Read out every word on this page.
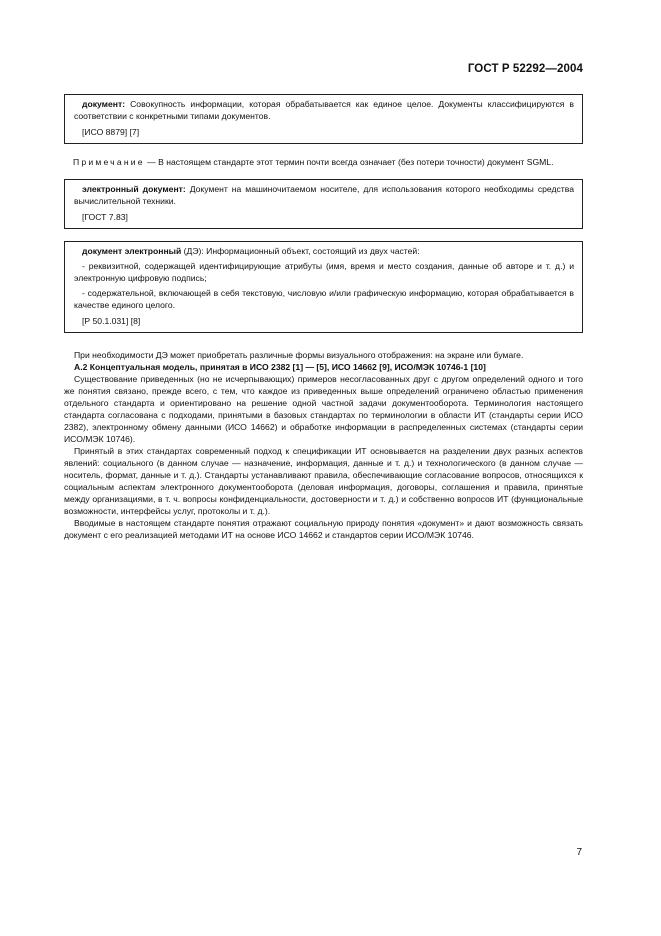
ГОСТ Р 52292—2004

документ: Совокупность информации, которая обрабатывается как единое целое. Документы классифицируются в соответствии с конкретными типами документов.

[ИСО 8879] [7]

Примечание — В настоящем стандарте этот термин почти всегда означает (без потери точности) документ SGML.

электронный документ: Документ на машиночитаемом носителе, для использования которого необходимы средства вычислительной техники.

[ГОСТ 7.83]

документ электронный (ДЭ): Информационный объект, состоящий из двух частей:

- реквизитной, содержащей идентифицирующие атрибуты (имя, время и место создания, данные об авторе и т. д.) и электронную цифровую подпись;

- содержательной, включающей в себя текстовую, числовую и/или графическую информацию, которая обрабатывается в качестве единого целого.

[Р 50.1.031] [8]

При необходимости ДЭ может приобретать различные формы визуального отображения: на экране или бумаге.

А.2 Концептуальная модель, принятая в ИСО 2382 [1] — [5], ИСО 14662 [9], ИСО/МЭК 10746-1 [10]

Существование приведенных (но не исчерпывающих) примеров несогласованных друг с другом определений одного и того же понятия связано, прежде всего, с тем, что каждое из приведенных выше определений ограничено областью применения отдельного стандарта и ориентировано на решение одной частной задачи документооборота. Терминология настоящего стандарта согласована с подходами, принятыми в базовых стандартах по терминологии в области ИТ (стандарты серии ИСО 2382), электронному обмену данными (ИСО 14662) и обработке информации в распределенных системах (стандарты серии ИСО/МЭК 10746).

Принятый в этих стандартах современный подход к спецификации ИТ основывается на разделении двух разных аспектов явлений: социального (в данном случае — назначение, информация, данные и т. д.) и технологического (в данном случае — носитель, формат, данные и т. д.). Стандарты устанавливают правила, обеспечивающие согласование вопросов, относящихся к социальным аспектам электронного документооборота (деловая информация, договоры, соглашения и правила, принятые между организациями, в т. ч. вопросы конфиденциальности, достоверности и т. д.) и собственно вопросов ИТ (функциональные возможности, интерфейсы услуг, протоколы и т. д.).

Вводимые в настоящем стандарте понятия отражают социальную природу понятия «документ» и дают возможность связать документ с его реализацией методами ИТ на основе ИСО 14662 и стандартов серии ИСО/МЭК 10746.

7
